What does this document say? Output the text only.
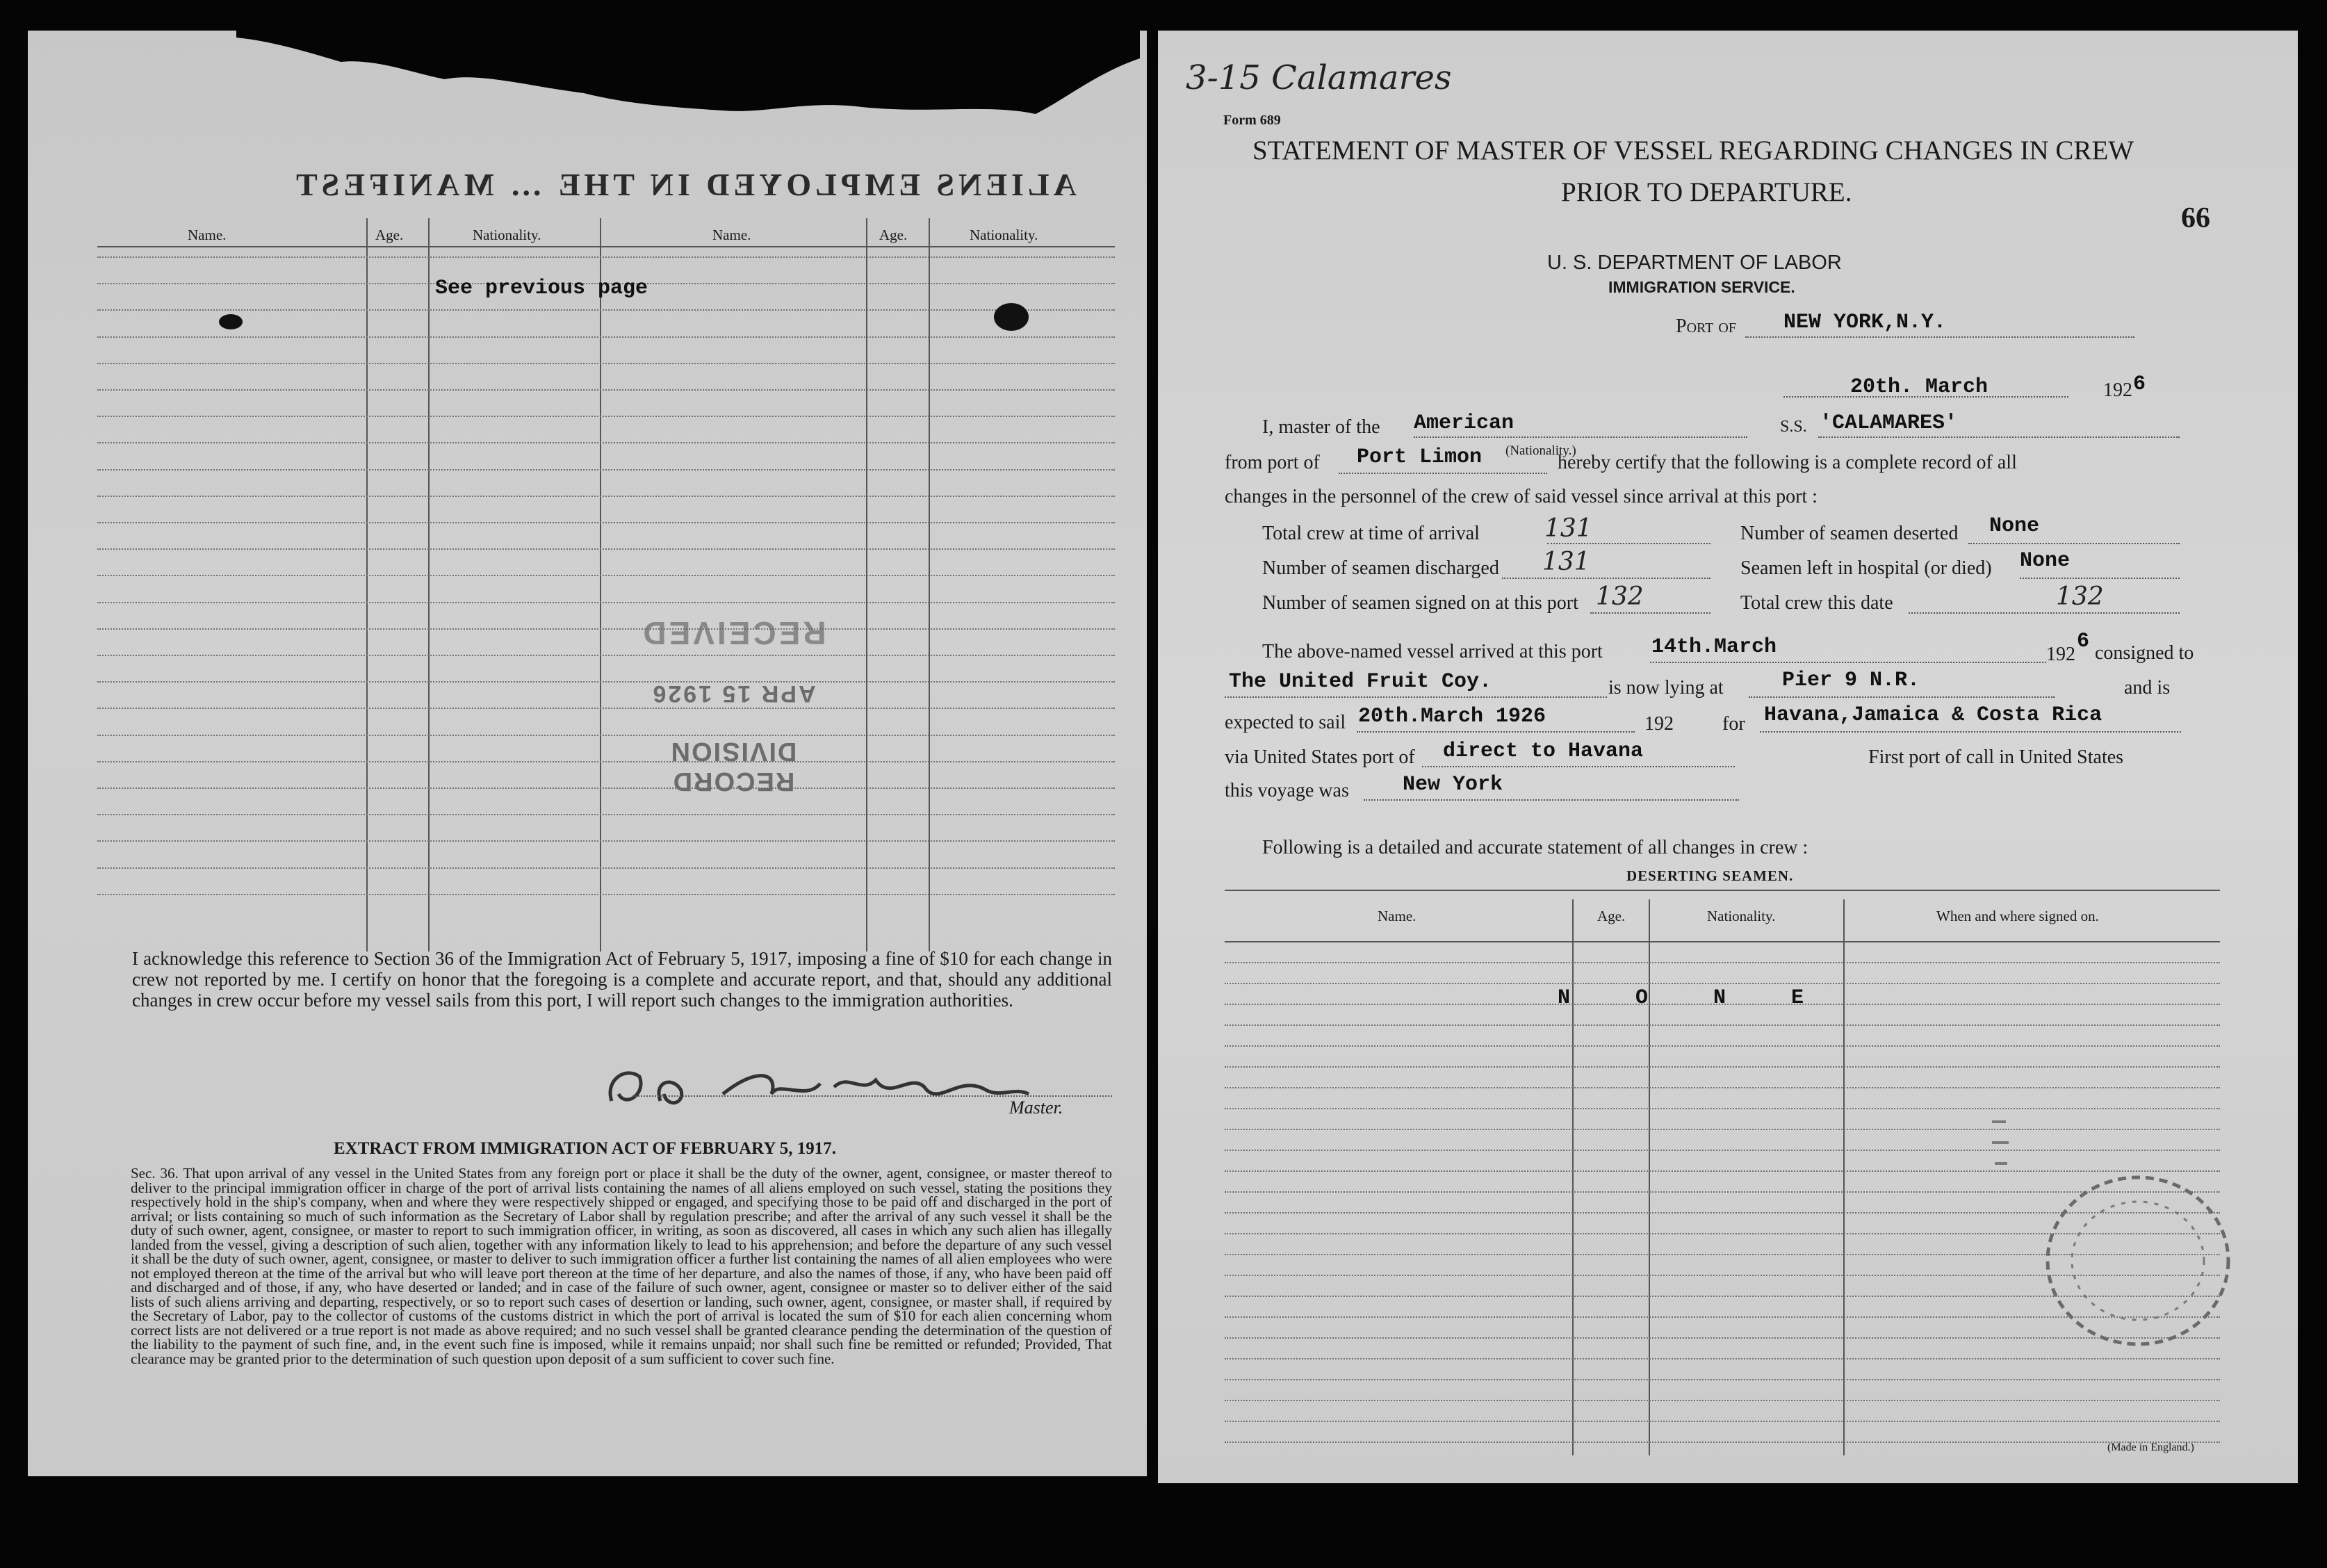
ALIENS EMPLOYED IN THE … MANIFEST
Name.	Age.	Nationality.	Name.	Age.	Nationality.
See previous page
RECORD DIVISION
APR 15 1926
RECEIVED
I acknowledge this reference to Section 36 of the Immigration Act of February 5, 1917, imposing a fine of $10 for each change in crew not reported by me. I certify on honor that the foregoing is a complete and accurate report, and that, should any additional changes in crew occur before my vessel sails from this port, I will report such changes to the immigration authorities.
Master.
EXTRACT FROM IMMIGRATION ACT OF FEBRUARY 5, 1917.
Sec. 36. That upon arrival of any vessel in the United States from any foreign port or place it shall be the duty of the owner, agent, consignee, or master thereof to deliver to the principal immigration officer in charge of the port of arrival lists containing the names of all aliens employed on such vessel, stating the positions they respectively hold in the ship's company, when and where they were respectively shipped or engaged, and specifying those to be paid off and discharged in the port of arrival; or lists containing so much of such information as the Secretary of Labor shall by regulation prescribe; and after the arrival of any such vessel it shall be the duty of such owner, agent, consignee, or master to report to such immigration officer, in writing, as soon as discovered, all cases in which any such alien has illegally landed from the vessel, giving a description of such alien, together with any information likely to lead to his apprehension; and before the departure of any such vessel it shall be the duty of such owner, agent, consignee, or master to deliver to such immigration officer a further list containing the names of all alien employees who were not employed thereon at the time of the arrival but who will leave port thereon at the time of her departure, and also the names of those, if any, who have been paid off and discharged and of those, if any, who have deserted or landed; and in case of the failure of such owner, agent, consignee or master so to deliver either of the said lists of such aliens arriving and departing, respectively, or so to report such cases of desertion or landing, such owner, agent, consignee, or master shall, if required by the Secretary of Labor, pay to the collector of customs of the customs district in which the port of arrival is located the sum of $10 for each alien concerning whom correct lists are not delivered or a true report is not made as above required; and no such vessel shall be granted clearance pending the determination of the question of the liability to the payment of such fine, and, in the event such fine is imposed, while it remains unpaid; nor shall such fine be remitted or refunded; Provided, That clearance may be granted prior to the determination of such question upon deposit of a sum sufficient to cover such fine.
3-15 Calamares
Form 689
STATEMENT OF MASTER OF VESSEL REGARDING CHANGES IN CREW
PRIOR TO DEPARTURE.
66
U. S. DEPARTMENT OF LABOR
IMMIGRATION SERVICE.
Port of NEW YORK,N.Y.
20th. March	192 6
I, master of the American
(Nationality.)
S.S. 'CALAMARES'
from port of Port Limon	hereby certify that the following is a complete record of all
changes in the personnel of the crew of said vessel since arrival at this port :
Total crew at time of arrival	131	Number of seamen deserted None
Number of seamen discharged 131	Seamen left in hospital (or died) None
Number of seamen signed on at this port 132	Total crew this date	132
The above-named vessel arrived at this port 14th.March	192
6 consigned to
The United Fruit Coy.	is now lying at	Pier 9 N.R.	and is
expected to sail 20th.March 1926	192	for Havana,Jamaica & Costa Rica
via United States port of direct to Havana	First port of call in United States
this voyage was	New York
Following is a detailed and accurate statement of all changes in crew :
DESERTING SEAMEN.
Name.	Age.	Nationality.	When and where signed on.
N O N E
(Made in England.)
